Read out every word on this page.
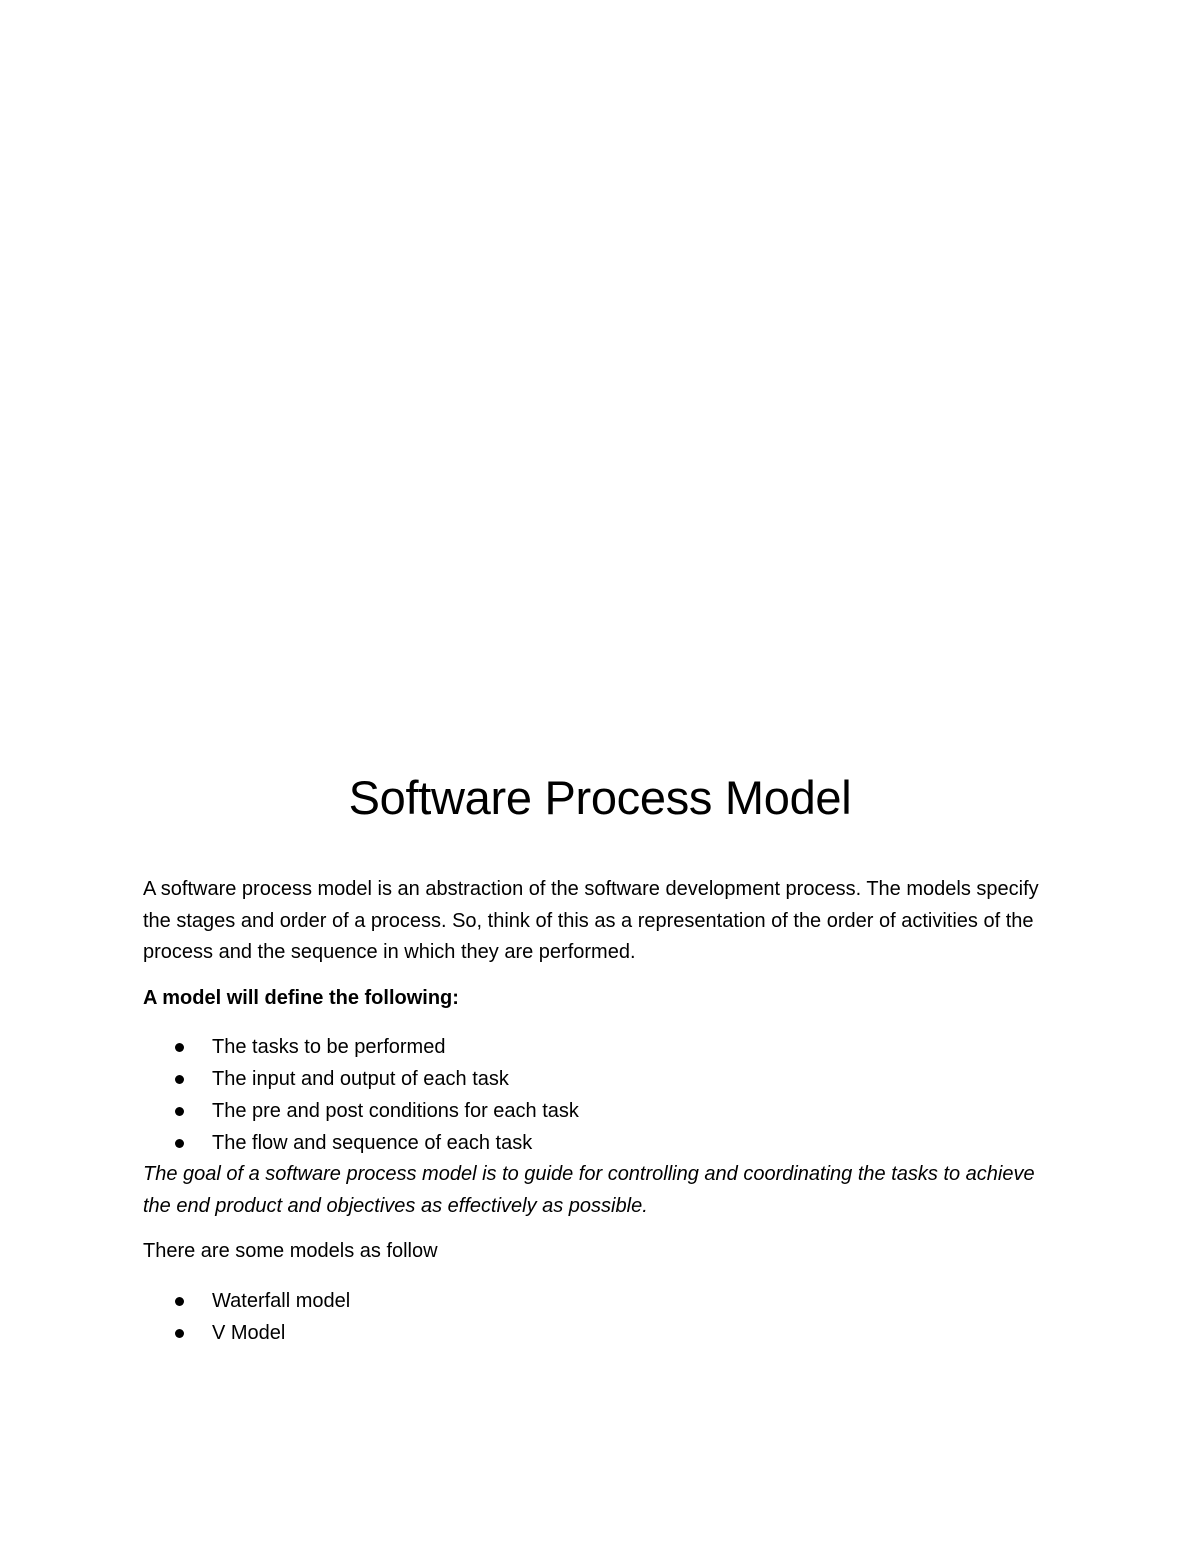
Software Process Model

A software process model is an abstraction of the software development process. The models specify the stages and order of a process. So, think of this as a representation of the order of activities of the process and the sequence in which they are performed.

A model will define the following:

The tasks to be performed
The input and output of each task
The pre and post conditions for each task
The flow and sequence of each task

The goal of a software process model is to guide for controlling and coordinating the tasks to achieve the end product and objectives as effectively as possible.

There are some models as follow

Waterfall model
V Model
